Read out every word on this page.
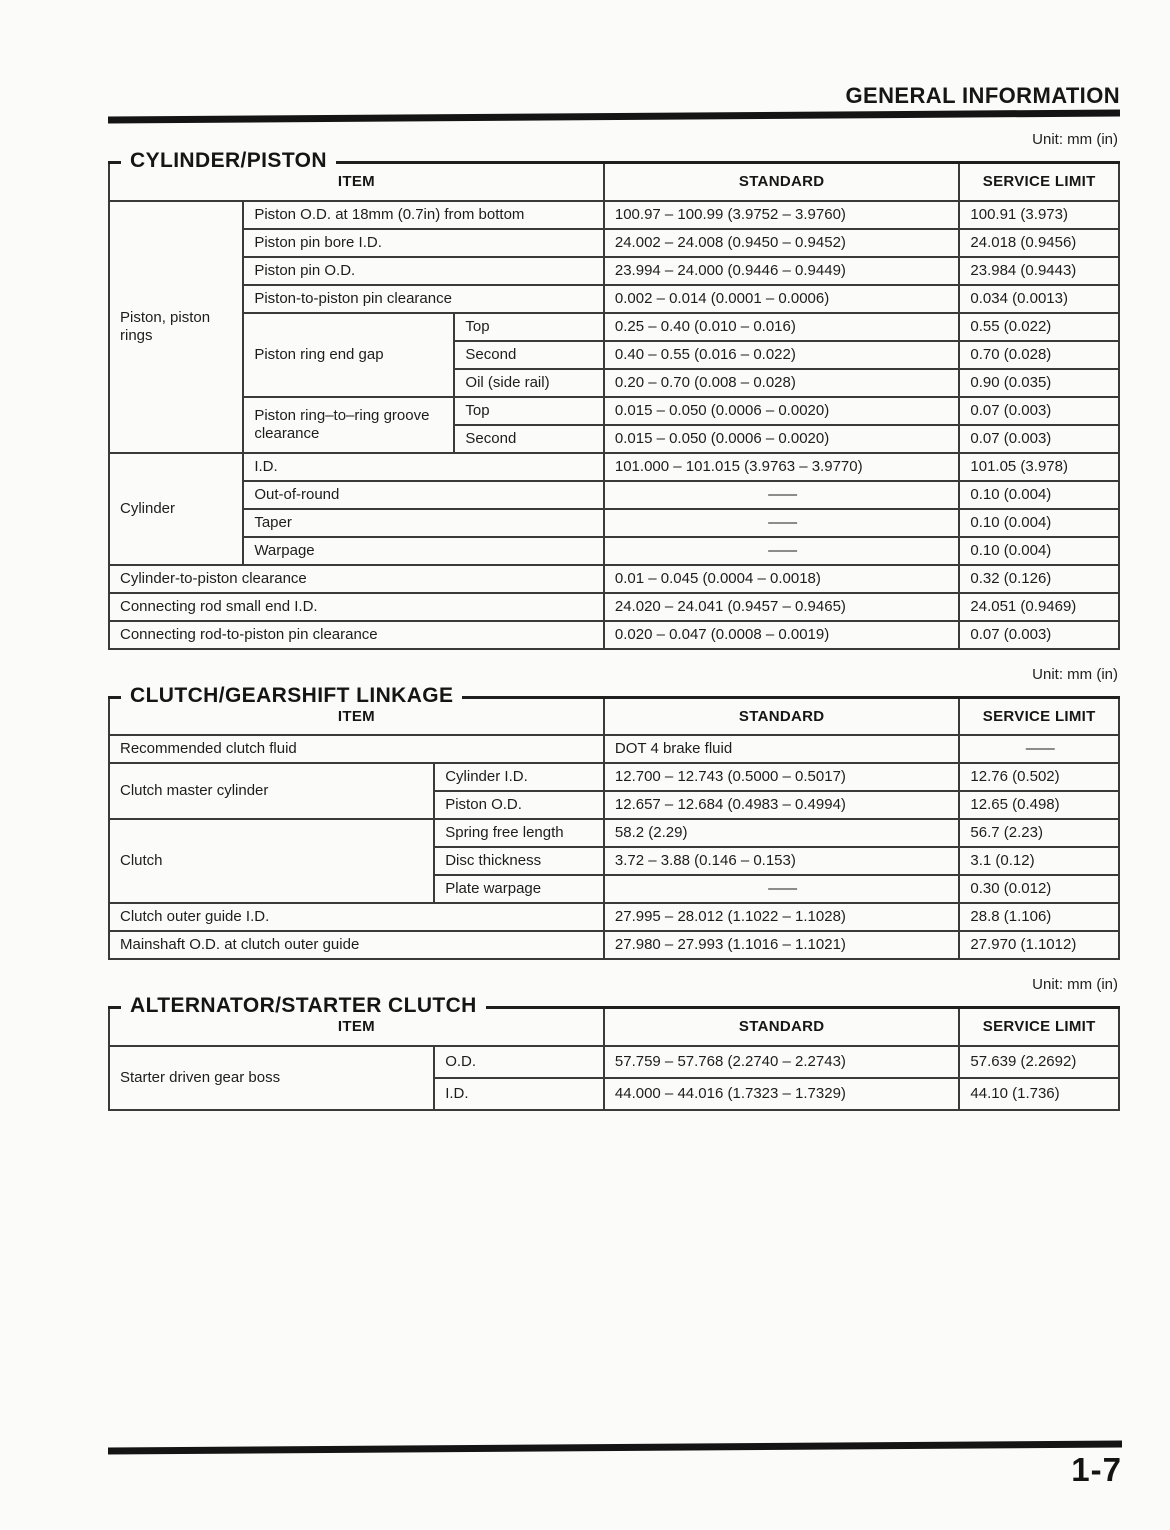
GENERAL INFORMATION
Unit: mm (in)
CYLINDER/PISTON
ITEM			STANDARD	SERVICE LIMIT
Piston, piston rings	Piston O.D. at 18mm (0.7in) from bottom		100.97 – 100.99 (3.9752 – 3.9760)	100.91 (3.973)
	Piston pin bore I.D.		24.002 – 24.008 (0.9450 – 0.9452)	24.018 (0.9456)
	Piston pin O.D.		23.994 – 24.000 (0.9446 – 0.9449)	23.984 (0.9443)
	Piston-to-piston pin clearance		0.002 – 0.014 (0.0001 – 0.0006)	0.034 (0.0013)
	Piston ring end gap	Top	0.25 – 0.40 (0.010 – 0.016)	0.55 (0.022)
		Second	0.40 – 0.55 (0.016 – 0.022)	0.70 (0.028)
		Oil (side rail)	0.20 – 0.70 (0.008 – 0.028)	0.90 (0.035)
	Piston ring–to–ring groove clearance	Top	0.015 – 0.050 (0.0006 – 0.0020)	0.07 (0.003)
		Second	0.015 – 0.050 (0.0006 – 0.0020)	0.07 (0.003)
Cylinder	I.D.		101.000 – 101.015 (3.9763 – 3.9770)	101.05 (3.978)
	Out-of-round		——	0.10 (0.004)
	Taper		——	0.10 (0.004)
	Warpage		——	0.10 (0.004)
Cylinder-to-piston clearance			0.01 – 0.045 (0.0004 – 0.0018)	0.32 (0.126)
Connecting rod small end I.D.			24.020 – 24.041 (0.9457 – 0.9465)	24.051 (0.9469)
Connecting rod-to-piston pin clearance			0.020 – 0.047 (0.0008 – 0.0019)	0.07 (0.003)
Unit: mm (in)
CLUTCH/GEARSHIFT LINKAGE
ITEM		STANDARD	SERVICE LIMIT
Recommended clutch fluid		DOT 4 brake fluid	——
Clutch master cylinder	Cylinder I.D.	12.700 – 12.743 (0.5000 – 0.5017)	12.76 (0.502)
	Piston O.D.	12.657 – 12.684 (0.4983 – 0.4994)	12.65 (0.498)
Clutch	Spring free length	58.2 (2.29)	56.7 (2.23)
	Disc thickness	3.72 – 3.88 (0.146 – 0.153)	3.1 (0.12)
	Plate warpage	——	0.30 (0.012)
Clutch outer guide I.D.		27.995 – 28.012 (1.1022 – 1.1028)	28.8 (1.106)
Mainshaft O.D. at clutch outer guide		27.980 – 27.993 (1.1016 – 1.1021)	27.970 (1.1012)
Unit: mm (in)
ALTERNATOR/STARTER CLUTCH
ITEM		STANDARD	SERVICE LIMIT
Starter driven gear boss	O.D.	57.759 – 57.768 (2.2740 – 2.2743)	57.639 (2.2692)
	I.D.	44.000 – 44.016 (1.7323 – 1.7329)	44.10 (1.736)
1-7
